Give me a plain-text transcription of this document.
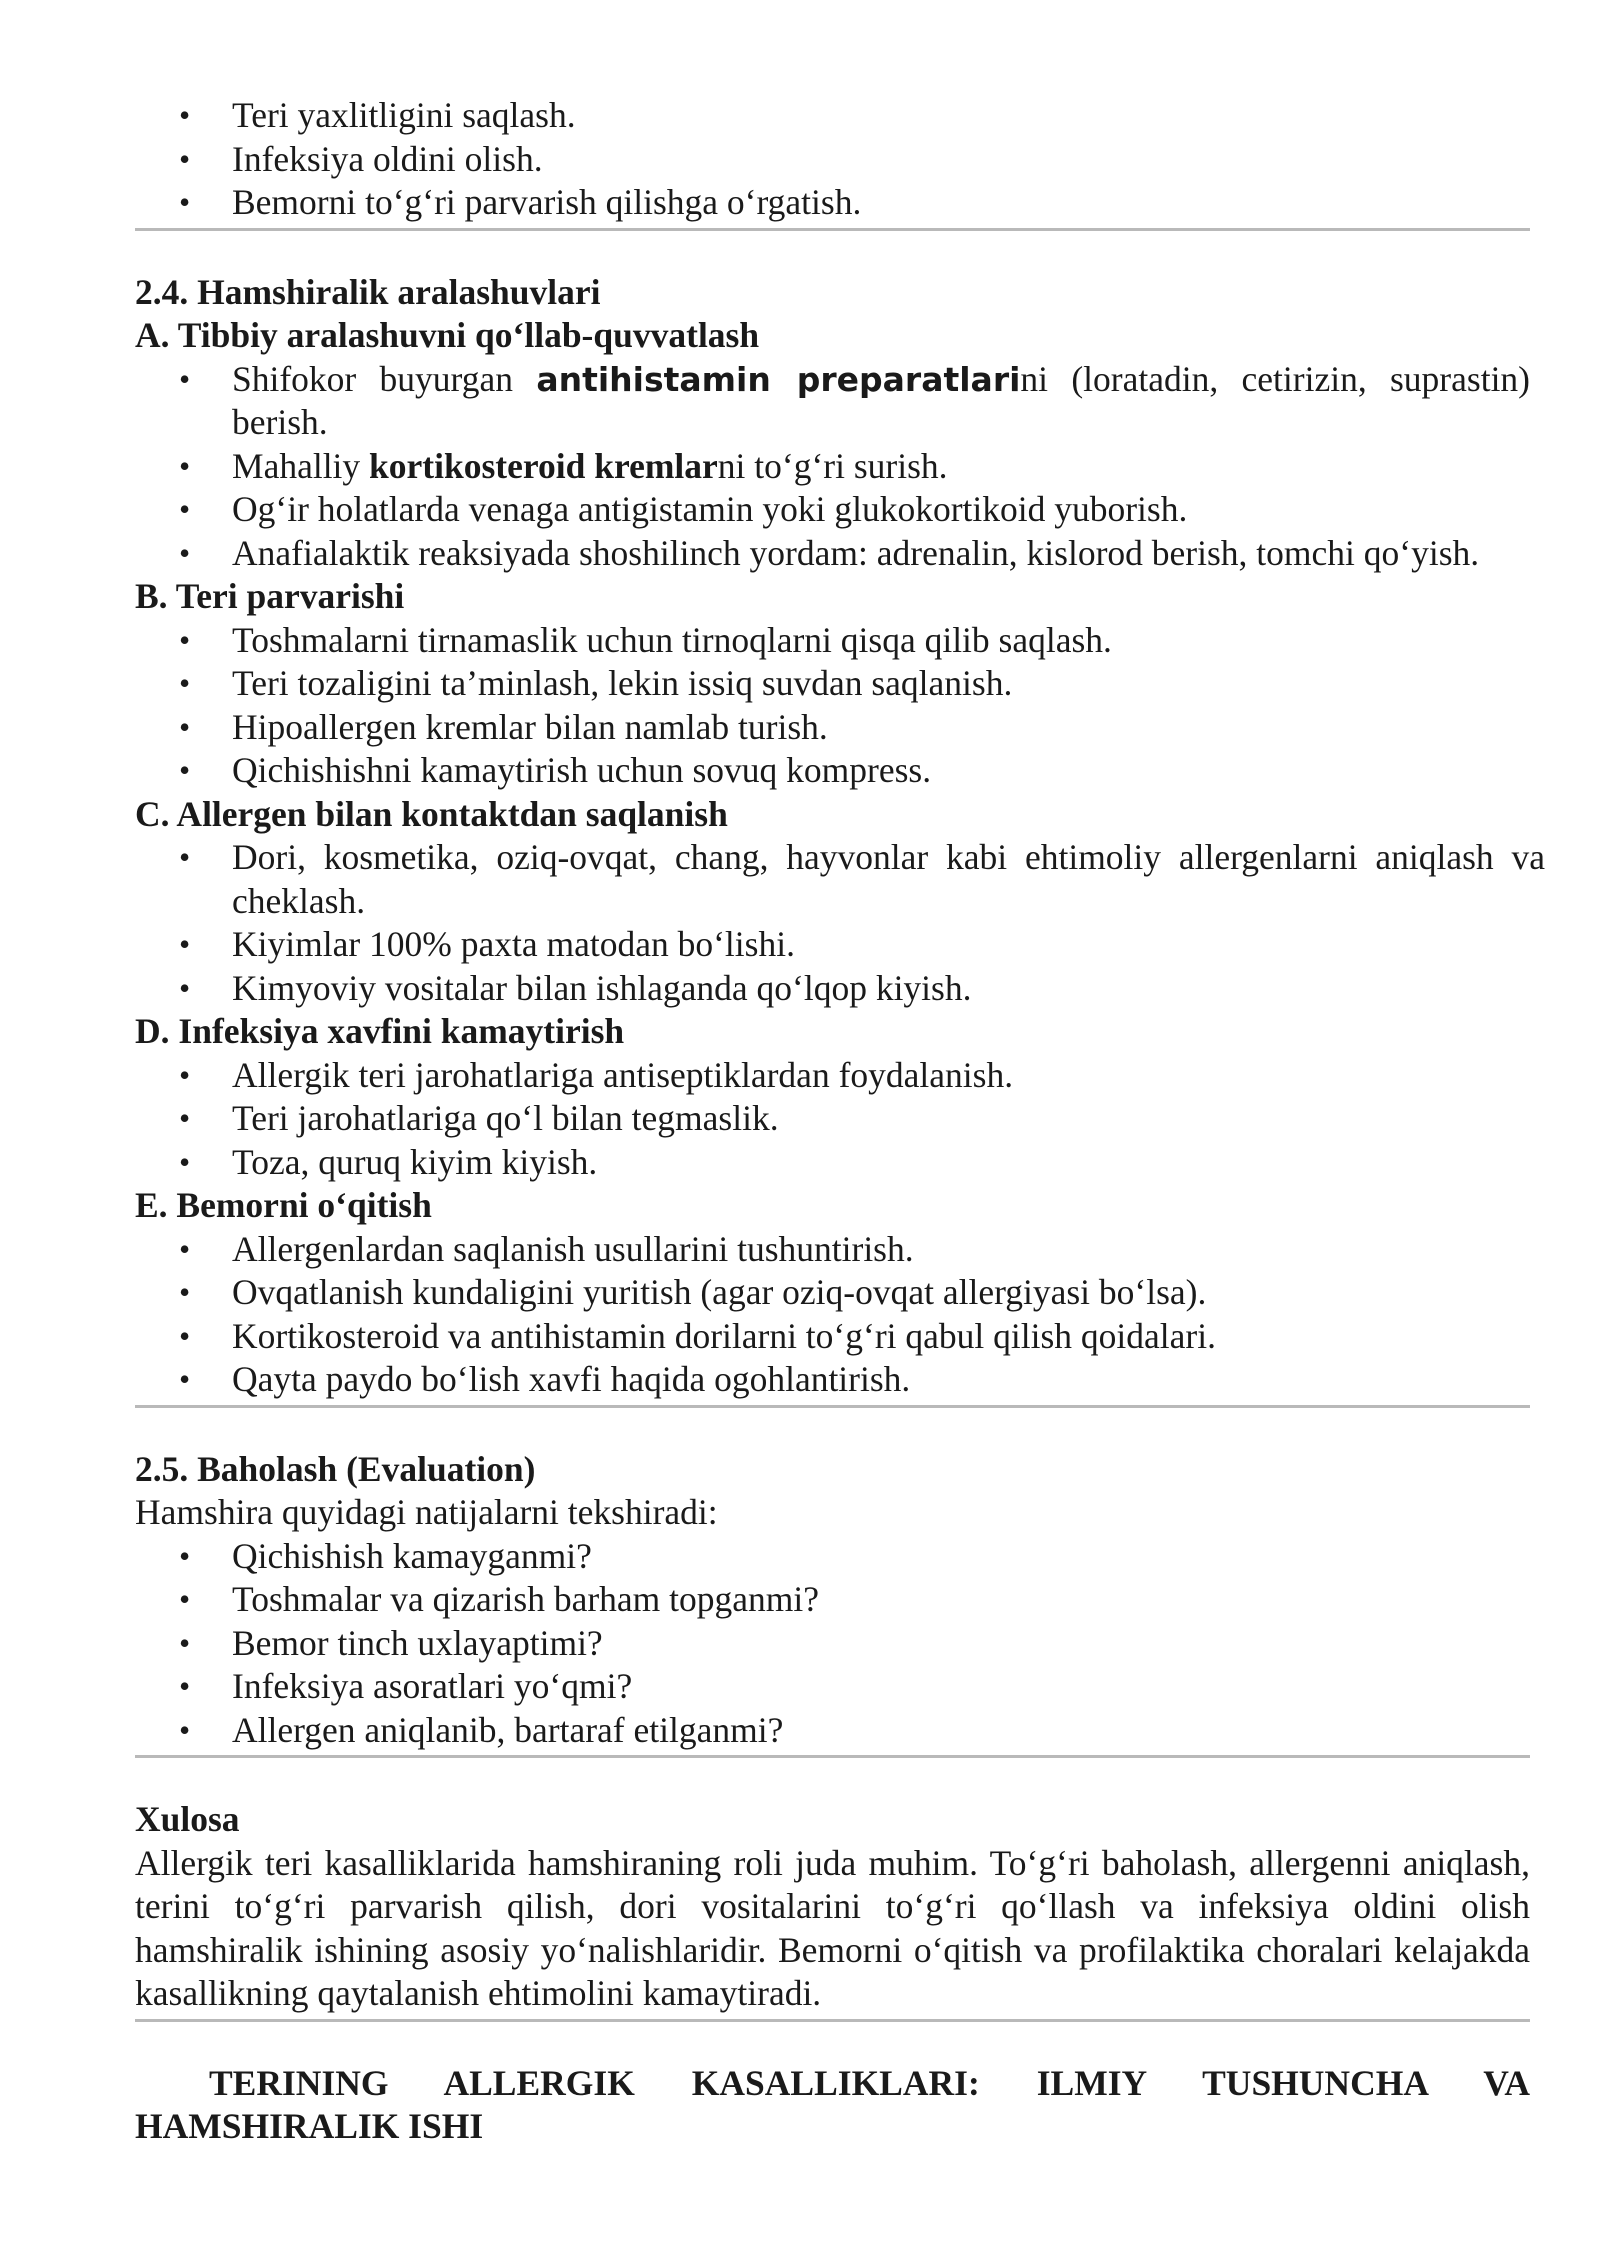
• Teri yaxlitligini saqlash.
• Infeksiya oldini olish.
• Bemorni to‘g‘ri parvarish qilishga o‘rgatish.

2.4. Hamshiralik aralashuvlari

A. Tibbiy aralashuvni qo‘llab-quvvatlash

• Shifokor buyurgan antihistamin preparatlarini (loratadin, cetirizin, suprastin) berish.
• Mahalliy kortikosteroid kremlarni to‘g‘ri surish.
• Og‘ir holatlarda venaga antigistamin yoki glukokortikoid yuborish.
• Anafialaktik reaksiyada shoshilinch yordam: adrenalin, kislorod berish, tomchi qo‘yish.

B. Teri parvarishi

• Toshmalarni tirnamaslik uchun tirnoqlarni qisqa qilib saqlash.
• Teri tozaligini ta’minlash, lekin issiq suvdan saqlanish.
• Hipoallergen kremlar bilan namlab turish.
• Qichishishni kamaytirish uchun sovuq kompress.

C. Allergen bilan kontaktdan saqlanish

• Dori, kosmetika, oziq-ovqat, chang, hayvonlar kabi ehtimoliy allergenlarni aniqlash va cheklash.
• Kiyimlar 100% paxta matodan bo‘lishi.
• Kimyoviy vositalar bilan ishlaganda qo‘lqop kiyish.

D. Infeksiya xavfini kamaytirish

• Allergik teri jarohatlariga antiseptiklardan foydalanish.
• Teri jarohatlariga qo‘l bilan tegmaslik.
• Toza, quruq kiyim kiyish.

E. Bemorni o‘qitish

• Allergenlardan saqlanish usullarini tushuntirish.
• Ovqatlanish kundaligini yuritish (agar oziq-ovqat allergiyasi bo‘lsa).
• Kortikosteroid va antihistamin dorilarni to‘g‘ri qabul qilish qoidalari.
• Qayta paydo bo‘lish xavfi haqida ogohlantirish.

2.5. Baholash (Evaluation)

Hamshira quyidagi natijalarni tekshiradi:

• Qichishish kamayganmi?
• Toshmalar va qizarish barham topganmi?
• Bemor tinch uxlayaptimi?
• Infeksiya asoratlari yo‘qmi?
• Allergen aniqlanib, bartaraf etilganmi?

Xulosa

Allergik teri kasalliklarida hamshiraning roli juda muhim. To‘g‘ri baholash, allergenni aniqlash, terini to‘g‘ri parvarish qilish, dori vositalarini to‘g‘ri qo‘llash va infeksiya oldini olish hamshiralik ishining asosiy yo‘nalishlaridir. Bemorni o‘qitish va profilaktika choralari kelajakda kasallikning qaytalanish ehtimolini kamaytiradi.

TERINING ALLERGIK KASALLIKLARI: ILMIY TUSHUNCHA VA
HAMSHIRALIK ISHI
